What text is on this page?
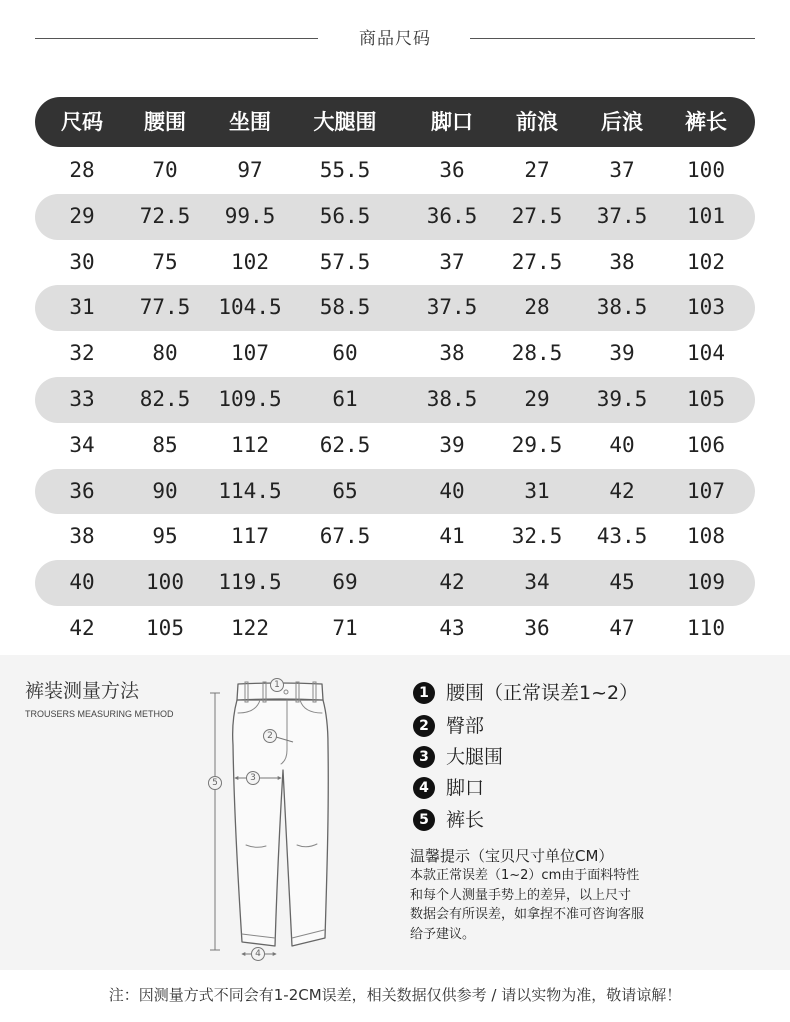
商品尺码
尺码	腰围	坐围	大腿围	脚口	前浪	后浪	裤长
28	70	97	55.5	36	27	37	100
29	72.5	99.5	56.5	36.5	27.5	37.5	101
30	75	102	57.5	37	27.5	38	102
31	77.5	104.5	58.5	37.5	28	38.5	103
32	80	107	60	38	28.5	39	104
33	82.5	109.5	61	38.5	29	39.5	105
34	85	112	62.5	39	29.5	40	106
36	90	114.5	65	40	31	42	107
38	95	117	67.5	41	32.5	43.5	108
40	100	119.5	69	42	34	45	109
42	105	122	71	43	36	47	110
裤装测量方法
TROUSERS MEASURING METHOD
1
2
3
4
5
1 腰围（正常误差1~2）
2 臀部
3 大腿围
4 脚口
5 裤长
温馨提示（宝贝尺寸单位CM）
本款正常误差（1~2）cm由于面料特性
和每个人测量手势上的差异，以上尺寸
数据会有所误差，如拿捏不准可咨询客服
给予建议。
注：因测量方式不同会有1-2CM误差，相关数据仅供参考 / 请以实物为准，敬请谅解！
